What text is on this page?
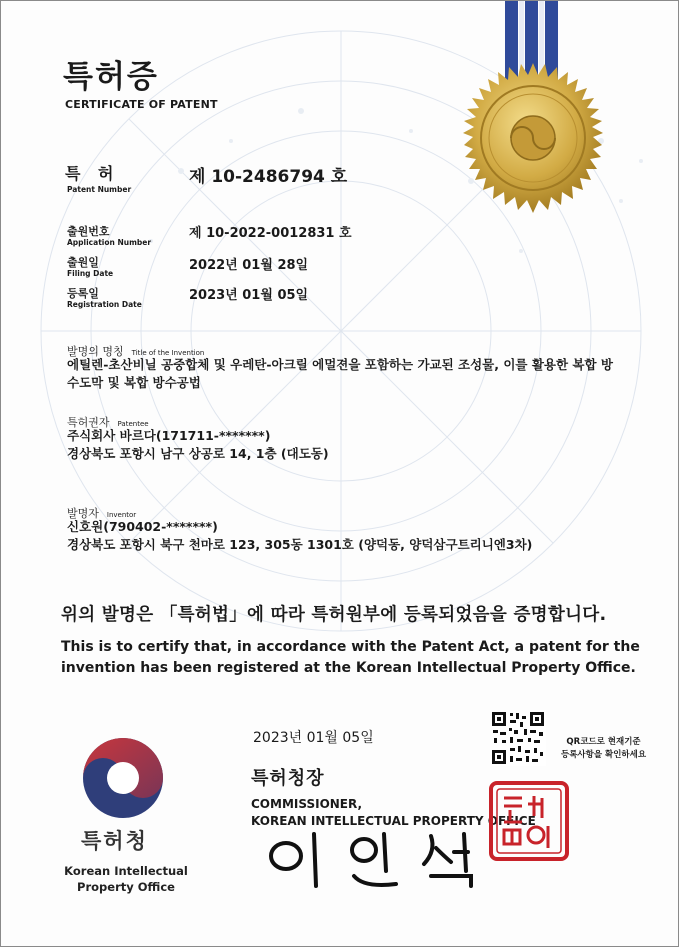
특허증
CERTIFICATE OF PATENT
특 허
Patent Number
제 10-2486794 호
출원번호
Application Number
제 10-2022-0012831 호
출원일
Filing Date
2022년 01월 28일
등록일
Registration Date
2023년 01월 05일
발명의 명칭 Title of the Invention
에틸렌-초산비닐 공중합체 및 우레탄-아크릴 에멀젼을 포함하는 가교된 조성물, 이를 활용한 복합 방
수도막 및 복합 방수공법
특허권자 Patentee
주식회사 바르다(171711-*******)
경상북도 포항시 남구 상공로 14, 1층 (대도동)
발명자 Inventor
신호원(790402-*******)
경상북도 포항시 북구 천마로 123, 305동 1301호 (양덕동, 양덕삼구트리니엔3차)
위의 발명은 「특허법」에 따라 특허원부에 등록되었음을 증명합니다.
This is to certify that, in accordance with the Patent Act, a patent for the
invention has been registered at the Korean Intellectual Property Office.
2023년 01월 05일	QR코드로 현재기준
등록사항을 확인하세요
특허청장
COMMISSIONER,
KOREAN INTELLECTUAL PROPERTY OFFICE
특허청
Korean Intellectual
Property Office
